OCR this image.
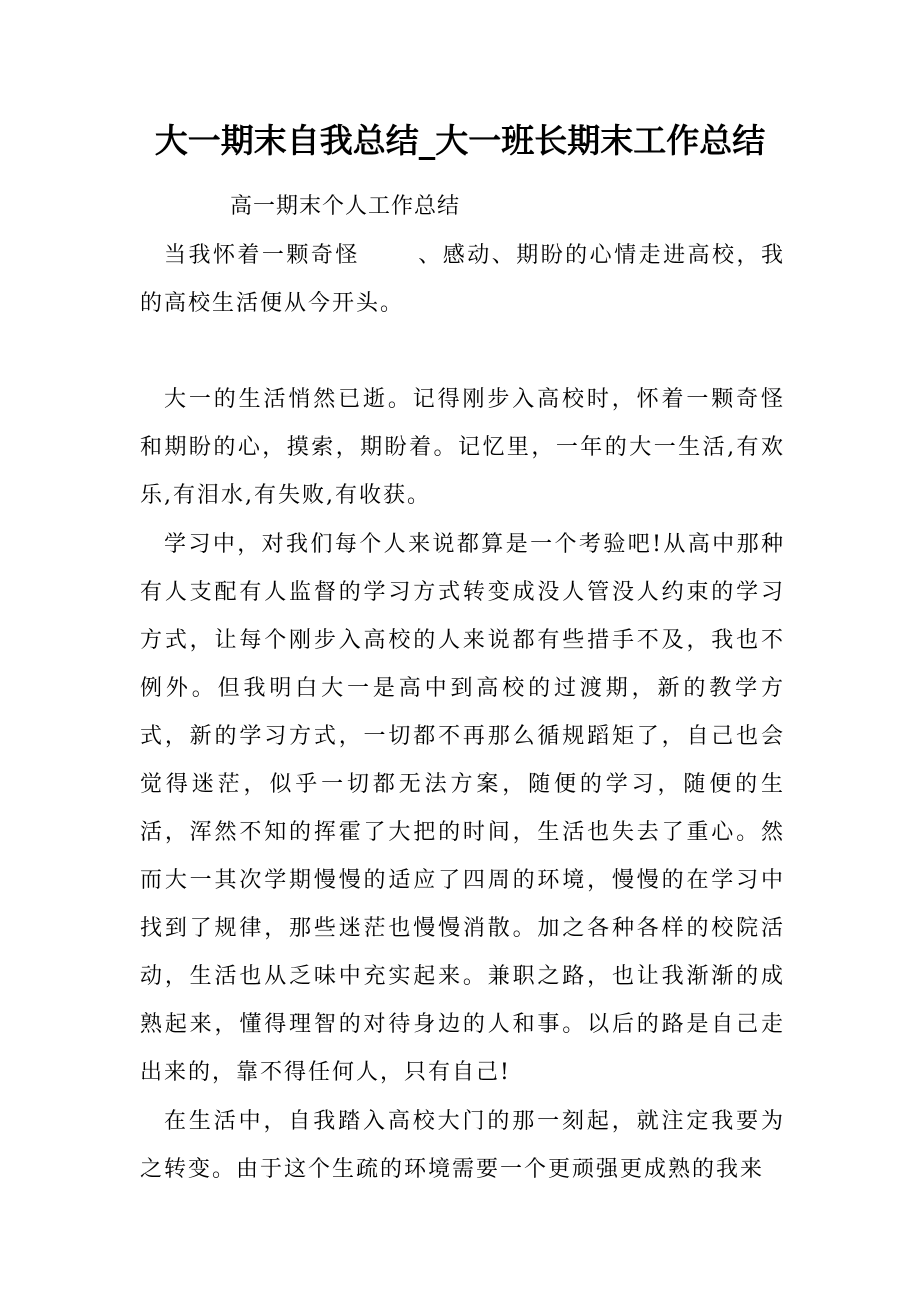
大一期末自我总结_大一班长期末工作总结

高一期末个人工作总结

当我怀着一颗奇怪	、感动、期盼的心情走进高校，我的高校生活便从今开头。

大一的生活悄然已逝。记得刚步入高校时，怀着一颗奇怪和期盼的心，摸索，期盼着。记忆里，一年的大一生活,有欢乐,有泪水,有失败,有收获。

学习中，对我们每个人来说都算是一个考验吧!从高中那种有人支配有人监督的学习方式转变成没人管没人约束的学习方式，让每个刚步入高校的人来说都有些措手不及，我也不例外。但我明白大一是高中到高校的过渡期，新的教学方式，新的学习方式，一切都不再那么循规蹈矩了，自己也会觉得迷茫，似乎一切都无法方案，随便的学习，随便的生活，浑然不知的挥霍了大把的时间，生活也失去了重心。然而大一其次学期慢慢的适应了四周的环境，慢慢的在学习中找到了规律，那些迷茫也慢慢消散。加之各种各样的校院活动，生活也从乏味中充实起来。兼职之路，也让我渐渐的成熟起来，懂得理智的对待身边的人和事。以后的路是自己走出来的，靠不得任何人，只有自己!

在生活中，自我踏入高校大门的那一刻起，就注定我要为之转变。由于这个生疏的环境需要一个更顽强更成熟的我来
